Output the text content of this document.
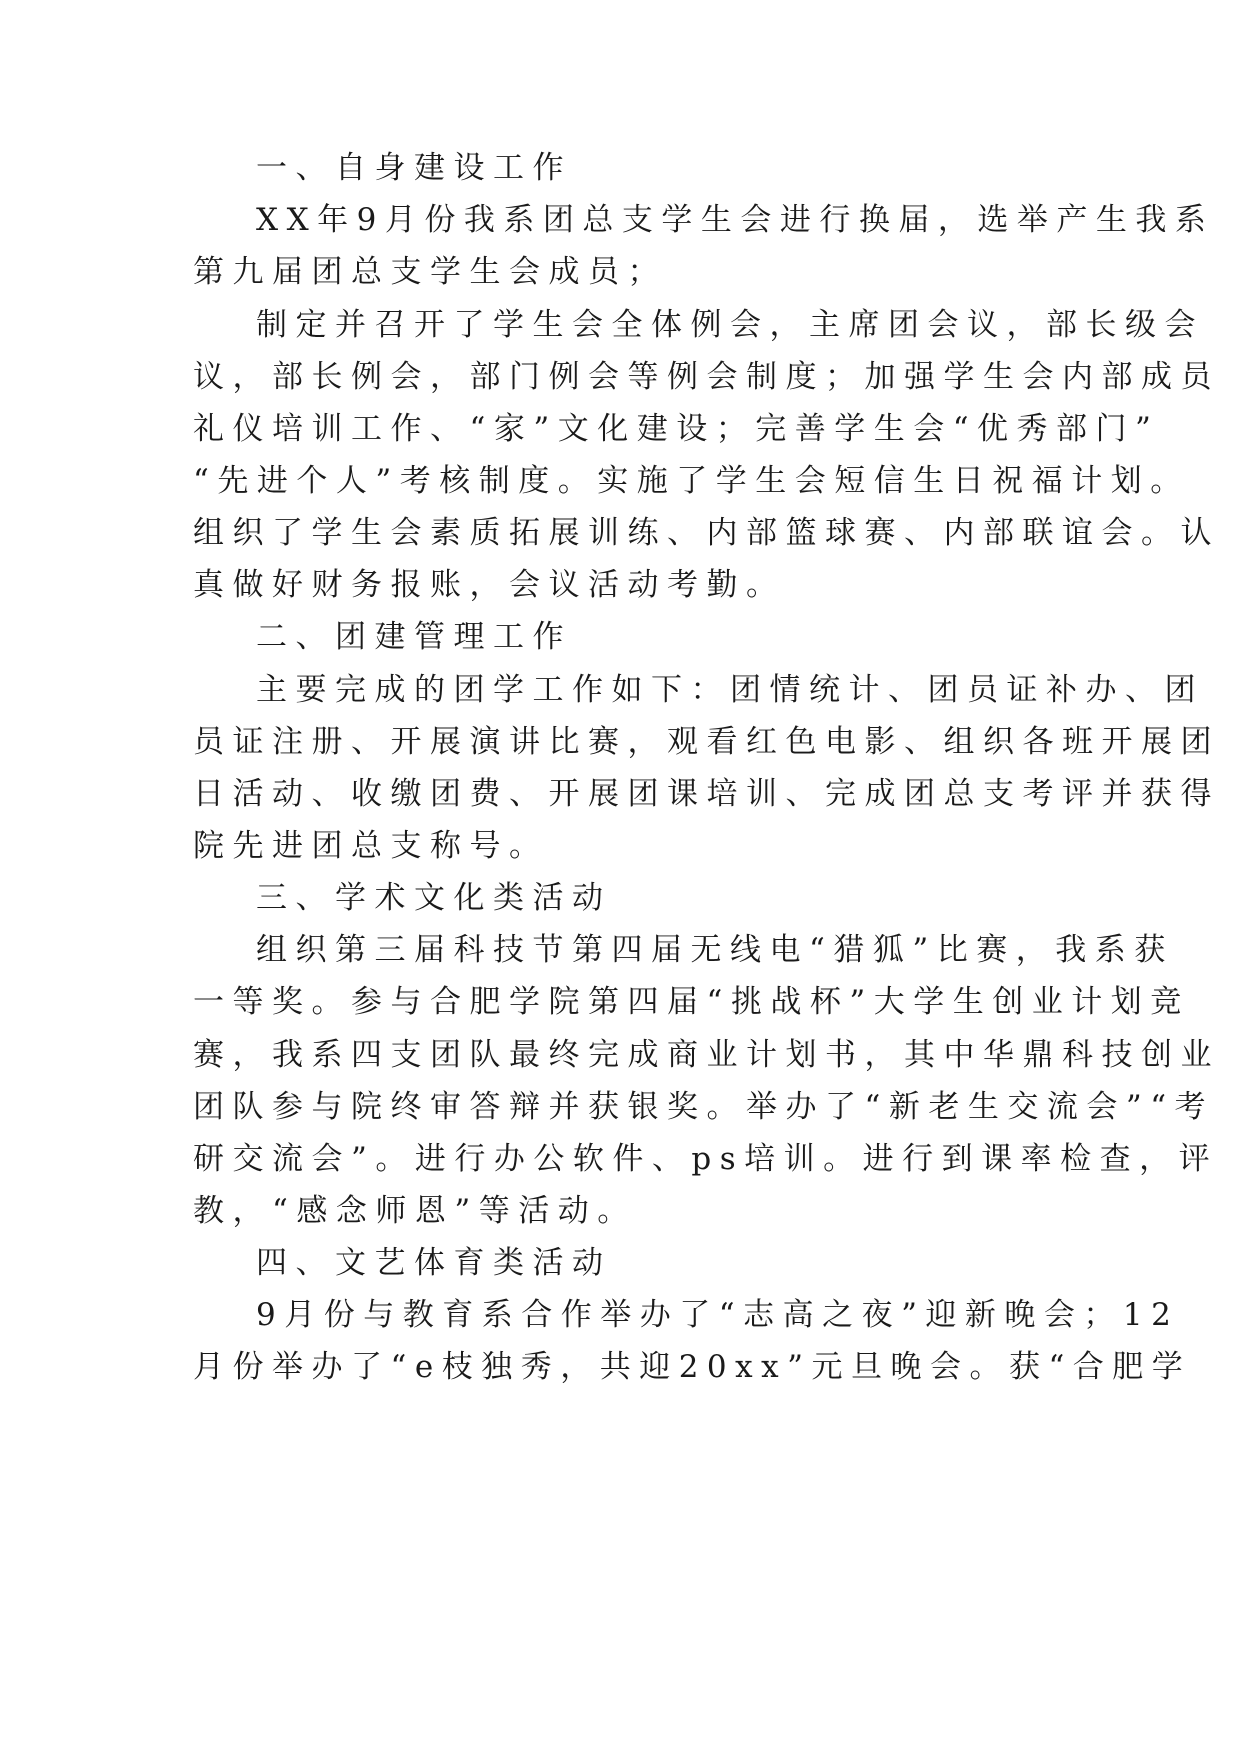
一、自身建设工作
XX年9月份我系团总支学生会进行换届，选举产生我系
第九届团总支学生会成员；
制定并召开了学生会全体例会，主席团会议，部长级会
议，部长例会，部门例会等例会制度；加强学生会内部成员
礼仪培训工作、“家”文化建设；完善学生会“优秀部门”
“先进个人”考核制度。实施了学生会短信生日祝福计划。
组织了学生会素质拓展训练、内部篮球赛、内部联谊会。认
真做好财务报账，会议活动考勤。
二、团建管理工作
主要完成的团学工作如下：团情统计、团员证补办、团
员证注册、开展演讲比赛，观看红色电影、组织各班开展团
日活动、收缴团费、开展团课培训、完成团总支考评并获得
院先进团总支称号。
三、学术文化类活动
组织第三届科技节第四届无线电“猎狐”比赛，我系获
一等奖。参与合肥学院第四届“挑战杯”大学生创业计划竞
赛，我系四支团队最终完成商业计划书，其中华鼎科技创业
团队参与院终审答辩并获银奖。举办了“新老生交流会”“考
研交流会”。进行办公软件、ps培训。进行到课率检查，评
教，“感念师恩”等活动。
四、文艺体育类活动
9月份与教育系合作举办了“志高之夜”迎新晚会；12
月份举办了“e枝独秀，共迎20xx”元旦晚会。获“合肥学
